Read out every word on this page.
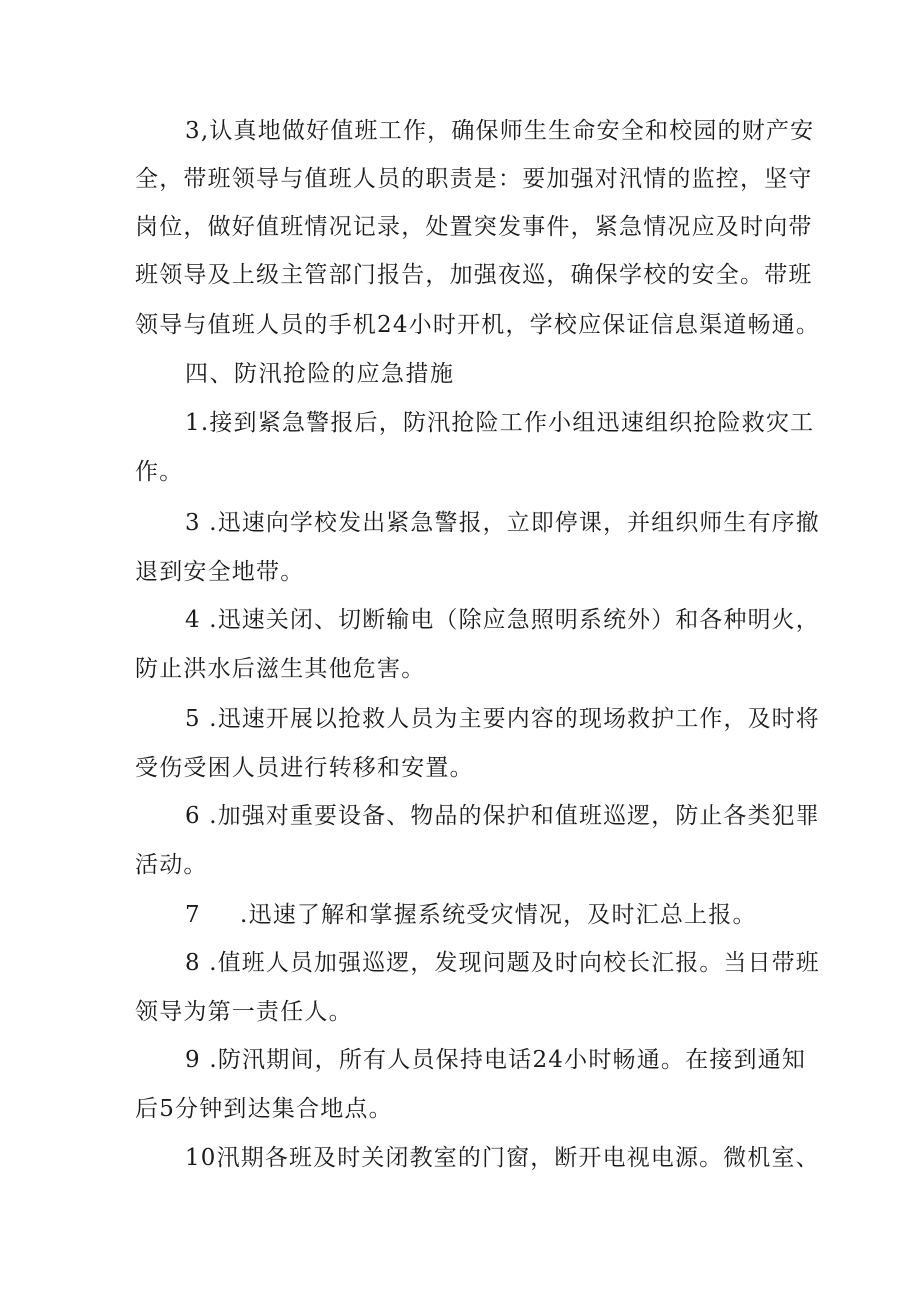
3,认真地做好值班工作，确保师生生命安全和校园的财产安
全，带班领导与值班人员的职责是：要加强对汛情的监控，坚守
岗位，做好值班情况记录，处置突发事件，紧急情况应及时向带
班领导及上级主管部门报告，加强夜巡，确保学校的安全。带班
领导与值班人员的手机24小时开机，学校应保证信息渠道畅通。
四、防汛抢险的应急措施
1.接到紧急警报后，防汛抢险工作小组迅速组织抢险救灾工
作。
3 .迅速向学校发出紧急警报，立即停课，并组织师生有序撤
退到安全地带。
4 .迅速关闭、切断输电（除应急照明系统外）和各种明火，
防止洪水后滋生其他危害。
5 .迅速开展以抢救人员为主要内容的现场救护工作，及时将
受伤受困人员进行转移和安置。
6 .加强对重要设备、物品的保护和值班巡逻，防止各类犯罪
活动。
7 .迅速了解和掌握系统受灾情况，及时汇总上报。
8 .值班人员加强巡逻，发现问题及时向校长汇报。当日带班
领导为第一责任人。
9 .防汛期间，所有人员保持电话24小时畅通。在接到通知
后5分钟到达集合地点。
10汛期各班及时关闭教室的门窗，断开电视电源。微机室、
